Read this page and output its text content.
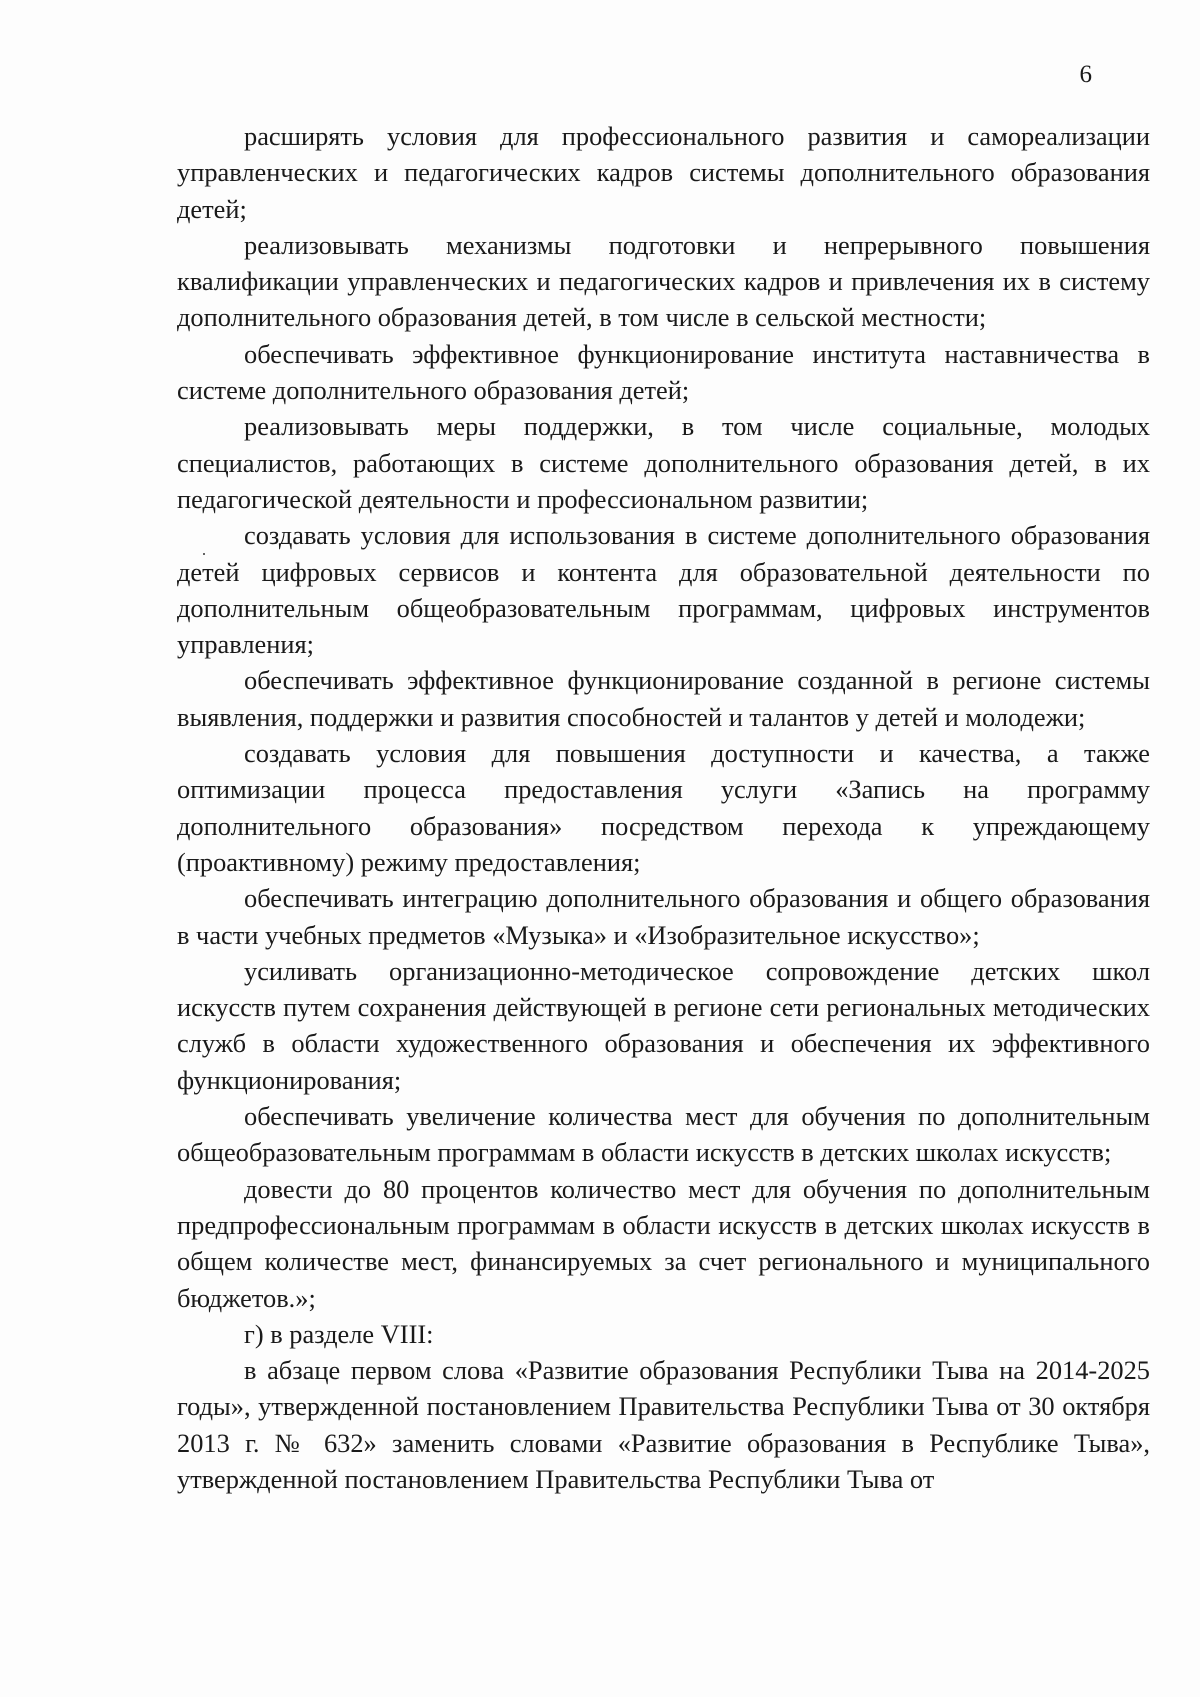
6

расширять условия для профессионального развития и самореализации управленческих и педагогических кадров системы дополнительного образования детей;

реализовывать механизмы подготовки и непрерывного повышения квалификации управленческих и педагогических кадров и привлечения их в систему дополнительного образования детей, в том числе в сельской местности;

обеспечивать эффективное функционирование института наставничества в системе дополнительного образования детей;

реализовывать меры поддержки, в том числе социальные, молодых специалистов, работающих в системе дополнительного образования детей, в их педагогической деятельности и профессиональном развитии;

создавать условия для использования в системе дополнительного образования детей цифровых сервисов и контента для образовательной деятельности по дополнительным общеобразовательным программам, цифровых инструментов управления;

обеспечивать эффективное функционирование созданной в регионе системы выявления, поддержки и развития способностей и талантов у детей и молодежи;

создавать условия для повышения доступности и качества, а также оптимизации процесса предоставления услуги «Запись на программу дополнительного образования» посредством перехода к упреждающему (проактивному) режиму предоставления;

обеспечивать интеграцию дополнительного образования и общего образования в части учебных предметов «Музыка» и «Изобразительное искусство»;

усиливать организационно-методическое сопровождение детских школ искусств путем сохранения действующей в регионе сети региональных методических служб в области художественного образования и обеспечения их эффективного функционирования;

обеспечивать увеличение количества мест для обучения по дополнительным общеобразовательным программам в области искусств в детских школах искусств;

довести до 80 процентов количество мест для обучения по дополнительным предпрофессиональным программам в области искусств в детских школах искусств в общем количестве мест, финансируемых за счет регионального и муниципального бюджетов.»;

г) в разделе VIII:

в абзаце первом слова «Развитие образования Республики Тыва на 2014-2025 годы», утвержденной постановлением Правительства Республики Тыва от 30 октября 2013 г. № 632» заменить словами «Развитие образования в Республике Тыва», утвержденной постановлением Правительства Республики Тыва от
